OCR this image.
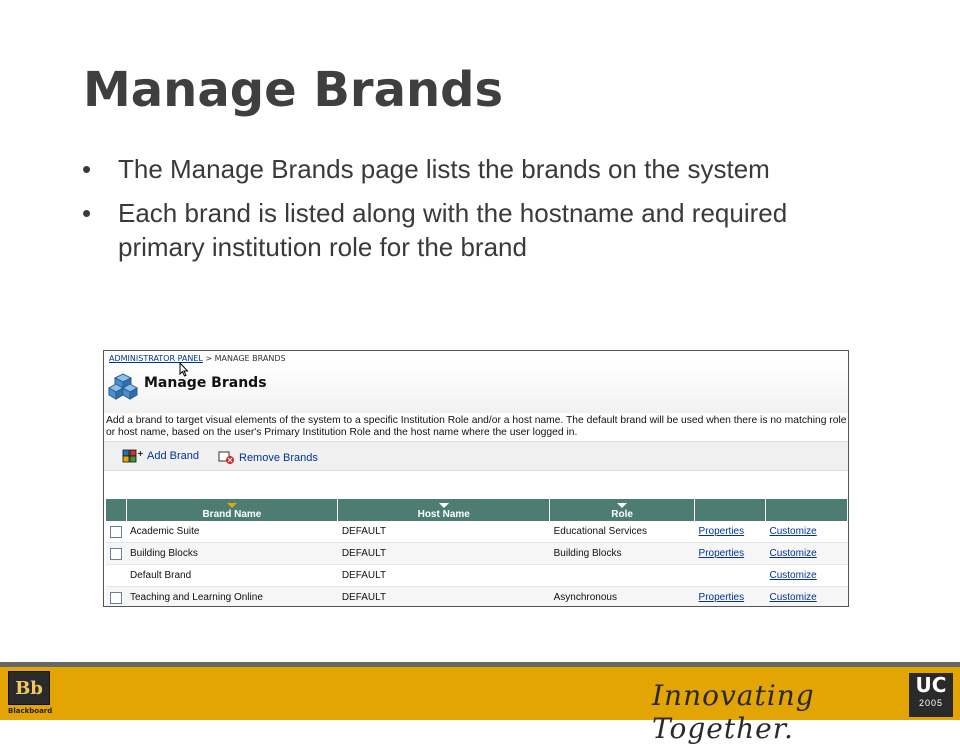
Manage Brands
• The Manage Brands page lists the brands on the system
• Each brand is listed along with the hostname and required primary institution role for the brand
ADMINISTRATOR PANEL > MANAGE BRANDS
Manage Brands
Add a brand to target visual elements of the system to a specific Institution Role and/or a host name. The default brand will be used when there is no matching role or host name, based on the user's Primary Institution Role and the host name where the user logged in.
+ Add Brand	Remove Brands

	Brand Name	Host Name	Role		

	Academic Suite	DEFAULT	Educational Services	Properties	Customize
	Building Blocks	DEFAULT	Building Blocks	Properties	Customize
	Default Brand	DEFAULT			Customize
	Teaching and Learning Online	DEFAULT	Asynchronous	Properties	Customize
Bb
Blackboard	Innovating Together.
UC
2005
